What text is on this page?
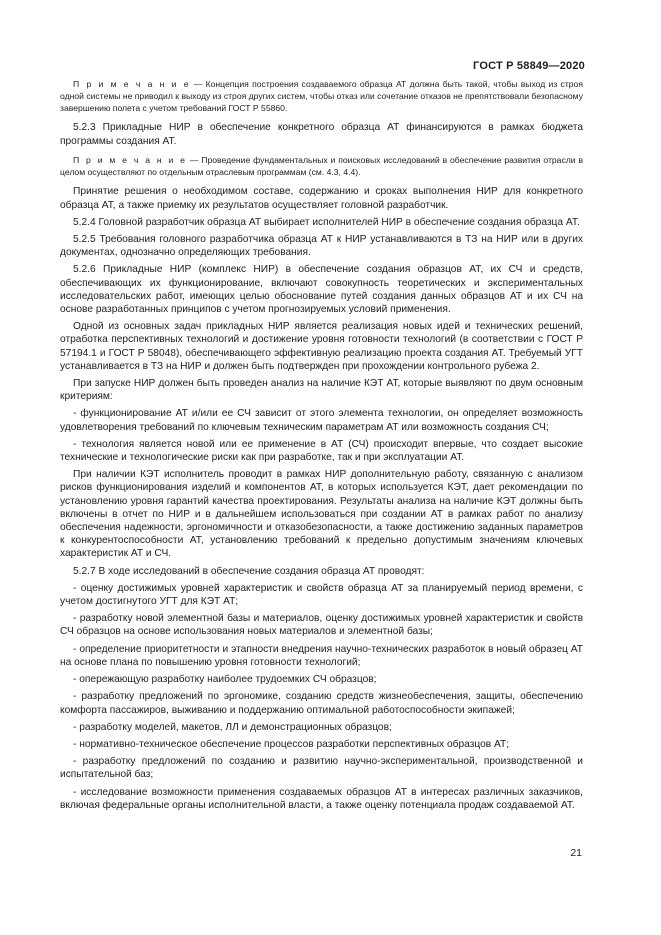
ГОСТ Р 58849—2020

П р и м е ч а н и е — Концепция построения создаваемого образца АТ должна быть такой, чтобы выход из строя одной системы не приводил к выходу из строя других систем, чтобы отказ или сочетание отказов не препятствовали безопасному завершению полета с учетом требований ГОСТ Р 55860.

5.2.3 Прикладные НИР в обеспечение конкретного образца АТ финансируются в рамках бюджета программы создания АТ.

П р и м е ч а н и е — Проведение фундаментальных и поисковых исследований в обеспечение развития отрасли в целом осуществляют по отдельным отраслевым программам (см. 4.3, 4.4).

Принятие решения о необходимом составе, содержанию и сроках выполнения НИР для конкретного образца АТ, а также приемку их результатов осуществляет головной разработчик.

5.2.4 Головной разработчик образца АТ выбирает исполнителей НИР в обеспечение создания образца АТ.

5.2.5 Требования головного разработчика образца АТ к НИР устанавливаются в ТЗ на НИР или в других документах, однозначно определяющих требования.

5.2.6 Прикладные НИР (комплекс НИР) в обеспечение создания образцов АТ, их СЧ и средств, обеспечивающих их функционирование, включают совокупность теоретических и экспериментальных исследовательских работ, имеющих целью обоснование путей создания данных образцов АТ и их СЧ на основе разработанных принципов с учетом прогнозируемых условий применения.

Одной из основных задач прикладных НИР является реализация новых идей и технических решений, отработка перспективных технологий и достижение уровня готовности технологий (в соответствии с ГОСТ Р 57194.1 и ГОСТ Р 58048), обеспечивающего эффективную реализацию проекта создания АТ. Требуемый УГТ устанавливается в ТЗ на НИР и должен быть подтвержден при прохождении контрольного рубежа 2.

При запуске НИР должен быть проведен анализ на наличие КЭТ АТ, которые выявляют по двум основным критериям:

- функционирование АТ и/или ее СЧ зависит от этого элемента технологии, он определяет возможность удовлетворения требований по ключевым техническим параметрам АТ или возможность создания СЧ;

- технология является новой или ее применение в АТ (СЧ) происходит впервые, что создает высокие технические и технологические риски как при разработке, так и при эксплуатации АТ.

При наличии КЭТ исполнитель проводит в рамках НИР дополнительную работу, связанную с анализом рисков функционирования изделий и компонентов АТ, в которых используется КЭТ, дает рекомендации по установлению уровня гарантий качества проектирования. Результаты анализа на наличие КЭТ должны быть включены в отчет по НИР и в дальнейшем использоваться при создании АТ в рамках работ по анализу обеспечения надежности, эргономичности и отказобезопасности, а также достижению заданных параметров к конкурентоспособности АТ, установлению требований к предельно допустимым значениям ключевых характеристик АТ и СЧ.

5.2.7 В ходе исследований в обеспечение создания образца АТ проводят:

- оценку достижимых уровней характеристик и свойств образца АТ за планируемый период времени, с учетом достигнутого УГТ для КЭТ АТ;

- разработку новой элементной базы и материалов, оценку достижимых уровней характеристик и свойств СЧ образцов на основе использования новых материалов и элементной базы;

- определение приоритетности и этапности внедрения научно-технических разработок в новый образец АТ на основе плана по повышению уровня готовности технологий;

- опережающую разработку наиболее трудоемких СЧ образцов;

- разработку предложений по эргономике, созданию средств жизнеобеспечения, защиты, обеспечению комфорта пассажиров, выживанию и поддержанию оптимальной работоспособности экипажей;

- разработку моделей, макетов, ЛЛ и демонстрационных образцов;

- нормативно-техническое обеспечение процессов разработки перспективных образцов АТ;

- разработку предложений по созданию и развитию научно-экспериментальной, производственной и испытательной баз;

- исследование возможности применения создаваемых образцов АТ в интересах различных заказчиков, включая федеральные органы исполнительной власти, а также оценку потенциала продаж создаваемой АТ.

21
